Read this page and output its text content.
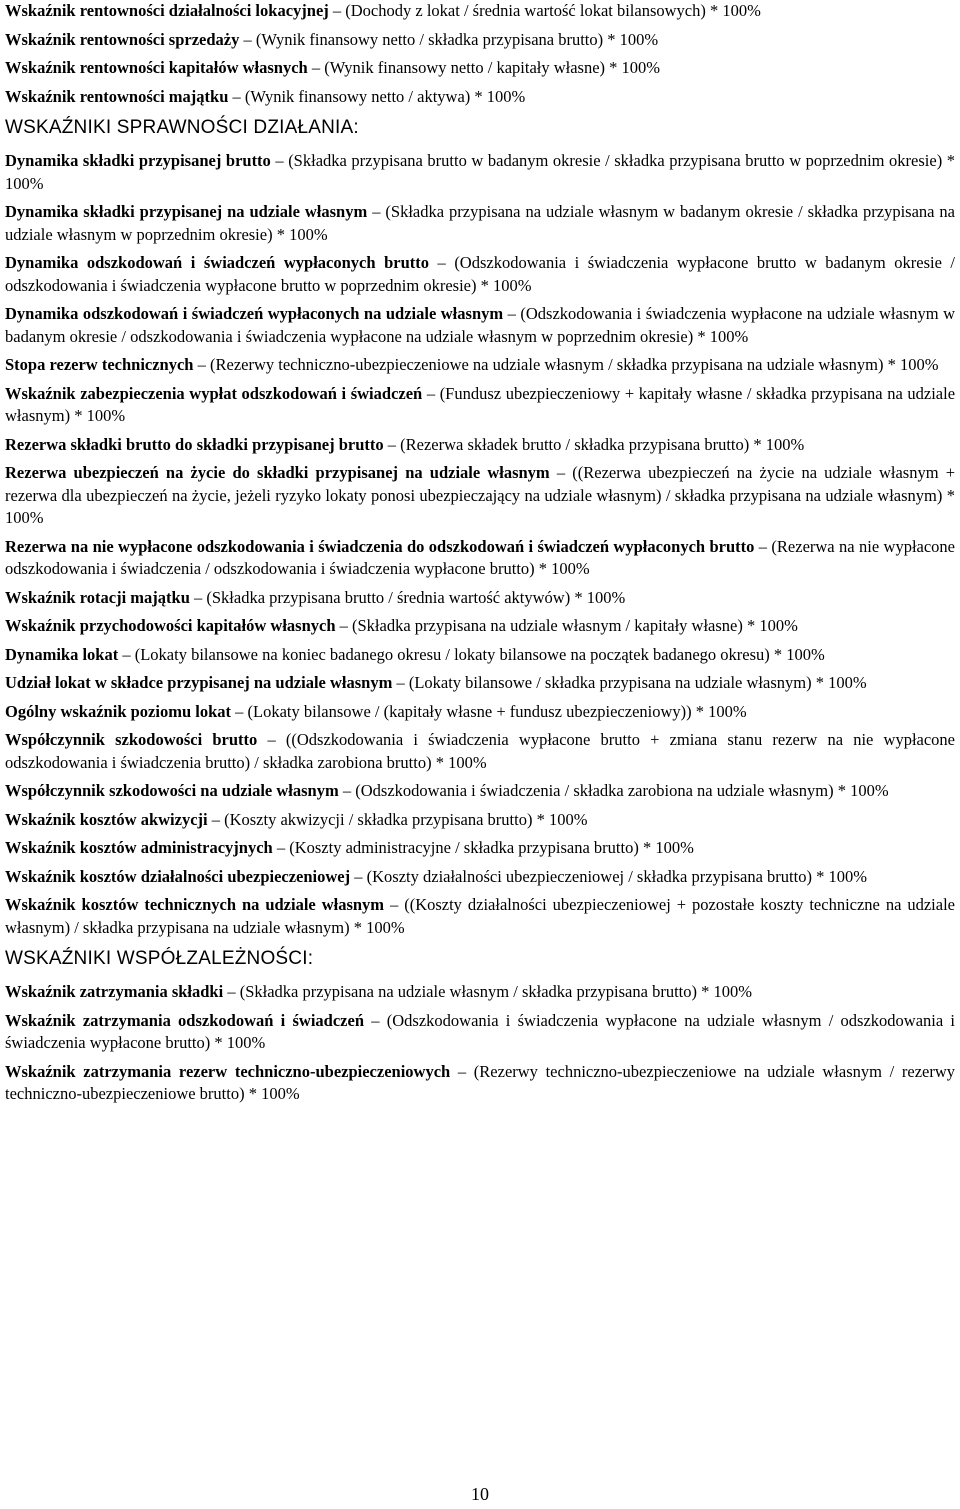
Wskaźnik rentowności działalności lokacyjnej – (Dochody z lokat / średnia wartość lokat bilansowych) * 100%
Wskaźnik rentowności sprzedaży – (Wynik finansowy netto / składka przypisana brutto) * 100%
Wskaźnik rentowności kapitałów własnych – (Wynik finansowy netto / kapitały własne) * 100%
Wskaźnik rentowności majątku – (Wynik finansowy netto / aktywa) * 100%
WSKAŹNIKI SPRAWNOŚCI DZIAŁANIA:
Dynamika składki przypisanej brutto – (Składka przypisana brutto w badanym okresie / składka przypisana brutto w poprzednim okresie) * 100%
Dynamika składki przypisanej na udziale własnym – (Składka przypisana na udziale własnym w badanym okresie / składka przypisana na udziale własnym w poprzednim okresie) * 100%
Dynamika odszkodowań i świadczeń wypłaconych brutto – (Odszkodowania i świadczenia wypłacone brutto w badanym okresie / odszkodowania i świadczenia wypłacone brutto w poprzednim okresie) * 100%
Dynamika odszkodowań i świadczeń wypłaconych na udziale własnym – (Odszkodowania i świadczenia wypłacone na udziale własnym w badanym okresie / odszkodowania i świadczenia wypłacone na udziale własnym w poprzednim okresie) * 100%
Stopa rezerw technicznych – (Rezerwy techniczno-ubezpieczeniowe na udziale własnym / składka przypisana na udziale własnym) * 100%
Wskaźnik zabezpieczenia wypłat odszkodowań i świadczeń – (Fundusz ubezpieczeniowy + kapitały własne / składka przypisana na udziale własnym) * 100%
Rezerwa składki brutto do składki przypisanej brutto – (Rezerwa składek brutto / składka przypisana brutto) * 100%
Rezerwa ubezpieczeń na życie do składki przypisanej na udziale własnym – ((Rezerwa ubezpieczeń na życie na udziale własnym + rezerwa dla ubezpieczeń na życie, jeżeli ryzyko lokaty ponosi ubezpieczający na udziale własnym) / składka przypisana na udziale własnym) * 100%
Rezerwa na nie wypłacone odszkodowania i świadczenia do odszkodowań i świadczeń wypłaconych brutto – (Rezerwa na nie wypłacone odszkodowania i świadczenia / odszkodowania i świadczenia wypłacone brutto) * 100%
Wskaźnik rotacji majątku – (Składka przypisana brutto / średnia wartość aktywów) * 100%
Wskaźnik przychodowości kapitałów własnych – (Składka przypisana na udziale własnym / kapitały własne) * 100%
Dynamika lokat – (Lokaty bilansowe na koniec badanego okresu / lokaty bilansowe na początek badanego okresu) * 100%
Udział lokat w składce przypisanej na udziale własnym – (Lokaty bilansowe / składka przypisana na udziale własnym) * 100%
Ogólny wskaźnik poziomu lokat – (Lokaty bilansowe / (kapitały własne + fundusz ubezpieczeniowy)) * 100%
Współczynnik szkodowości brutto – ((Odszkodowania i świadczenia wypłacone brutto + zmiana stanu rezerw na nie wypłacone odszkodowania i świadczenia brutto) / składka zarobiona brutto) * 100%
Współczynnik szkodowości na udziale własnym – (Odszkodowania i świadczenia / składka zarobiona na udziale własnym) * 100%
Wskaźnik kosztów akwizycji – (Koszty akwizycji / składka przypisana brutto) * 100%
Wskaźnik kosztów administracyjnych – (Koszty administracyjne / składka przypisana brutto) * 100%
Wskaźnik kosztów działalności ubezpieczeniowej – (Koszty działalności ubezpieczeniowej / składka przypisana brutto) * 100%
Wskaźnik kosztów technicznych na udziale własnym – ((Koszty działalności ubezpieczeniowej + pozostałe koszty techniczne na udziale własnym) / składka przypisana na udziale własnym) * 100%
WSKAŹNIKI WSPÓŁZALEŻNOŚCI:
Wskaźnik zatrzymania składki – (Składka przypisana na udziale własnym / składka przypisana brutto) * 100%
Wskaźnik zatrzymania odszkodowań i świadczeń – (Odszkodowania i świadczenia wypłacone na udziale własnym / odszkodowania i świadczenia wypłacone brutto) * 100%
Wskaźnik zatrzymania rezerw techniczno-ubezpieczeniowych – (Rezerwy techniczno-ubezpieczeniowe na udziale własnym / rezerwy techniczno-ubezpieczeniowe brutto) * 100%
10
